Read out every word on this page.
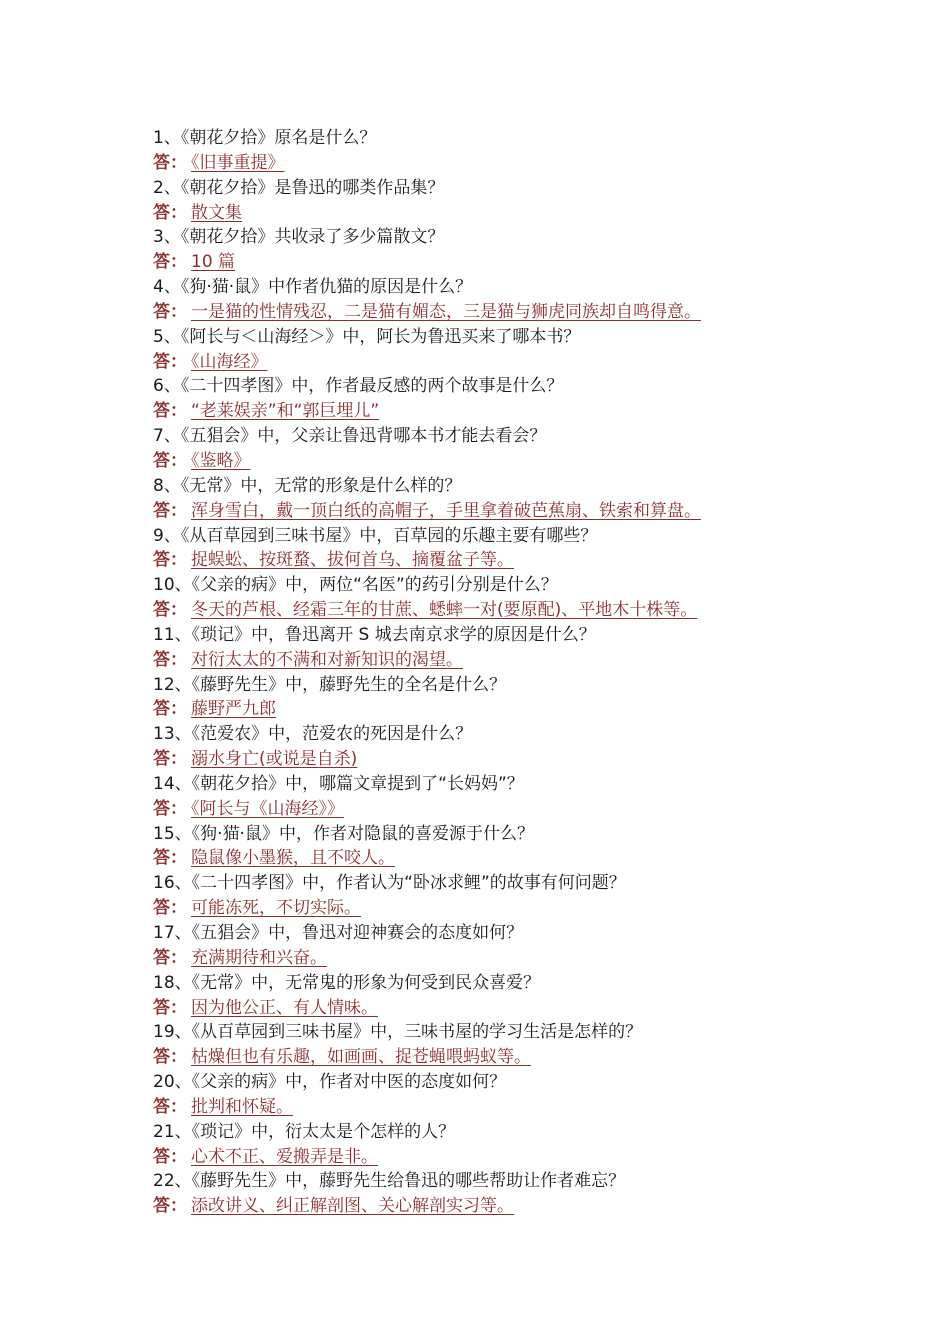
1、《朝花夕拾》原名是什么？
答： 《旧事重提》
2、《朝花夕拾》是鲁迅的哪类作品集？
答： 散文集
3、《朝花夕拾》共收录了多少篇散文？
答： 10 篇
4、《狗·猫·鼠》中作者仇猫的原因是什么？
答： 一是猫的性情残忍，二是猫有媚态，三是猫与狮虎同族却自鸣得意。
5、《阿长与＜山海经＞》中，阿长为鲁迅买来了哪本书？
答： 《山海经》
6、《二十四孝图》中，作者最反感的两个故事是什么？
答： “老莱娱亲”和“郭巨埋儿”
7、《五猖会》中，父亲让鲁迅背哪本书才能去看会？
答： 《鉴略》
8、《无常》中，无常的形象是什么样的？
答： 浑身雪白，戴一顶白纸的高帽子，手里拿着破芭蕉扇、铁索和算盘。
9、《从百草园到三味书屋》中，百草园的乐趣主要有哪些？
答： 捉蜈蚣、按斑蝥、拔何首乌、摘覆盆子等。
10、《父亲的病》中，两位“名医”的药引分别是什么？
答： 冬天的芦根、经霜三年的甘蔗、蟋蟀一对(要原配)、平地木十株等。
11、《琐记》中，鲁迅离开 S 城去南京求学的原因是什么？
答： 对衍太太的不满和对新知识的渴望。
12、《藤野先生》中，藤野先生的全名是什么？
答： 藤野严九郎
13、《范爱农》中，范爱农的死因是什么？
答： 溺水身亡(或说是自杀)
14、《朝花夕拾》中，哪篇文章提到了“长妈妈”？
答： 《阿长与《山海经》》
15、《狗·猫·鼠》中，作者对隐鼠的喜爱源于什么？
答： 隐鼠像小墨猴，且不咬人。
16、《二十四孝图》中，作者认为“卧冰求鲤”的故事有何问题？
答： 可能冻死，不切实际。
17、《五猖会》中，鲁迅对迎神赛会的态度如何？
答： 充满期待和兴奋。
18、《无常》中，无常鬼的形象为何受到民众喜爱？
答： 因为他公正、有人情味。
19、《从百草园到三味书屋》中，三味书屋的学习生活是怎样的？
答： 枯燥但也有乐趣，如画画、捉苍蝇喂蚂蚁等。
20、《父亲的病》中，作者对中医的态度如何？
答： 批判和怀疑。
21、《琐记》中，衍太太是个怎样的人？
答： 心术不正、爱搬弄是非。
22、《藤野先生》中，藤野先生给鲁迅的哪些帮助让作者难忘？
答： 添改讲义、纠正解剖图、关心解剖实习等。
